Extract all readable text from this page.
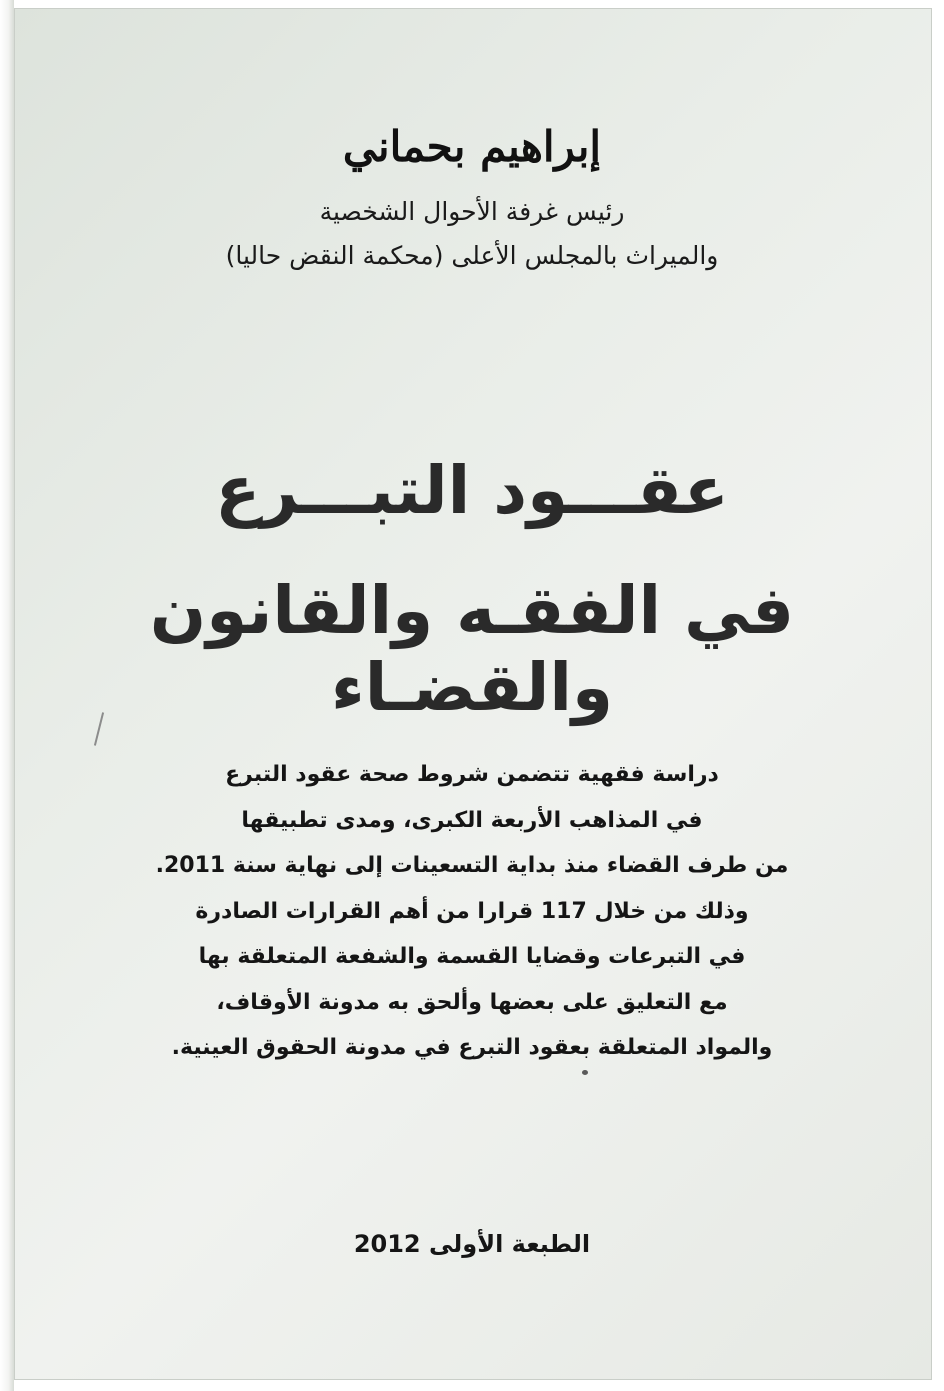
إبراهيم بحماني
رئيس غرفة الأحوال الشخصية
والميراث بالمجلس الأعلى (محكمة النقض حاليا)
عقـــود التبـــرع
في الفقـه والقانون والقضـاء
دراسة فقهية تتضمن شروط صحة عقود التبرع
في المذاهب الأربعة الكبرى، ومدى تطبيقها
من طرف القضاء منذ بداية التسعينات إلى نهاية سنة 2011.
وذلك من خلال 117 قرارا من أهم القرارات الصادرة
في التبرعات وقضايا القسمة والشفعة المتعلقة بها
مع التعليق على بعضها وألحق به مدونة الأوقاف،
والمواد المتعلقة بعقود التبرع في مدونة الحقوق العينية.
الطبعة الأولى 2012
